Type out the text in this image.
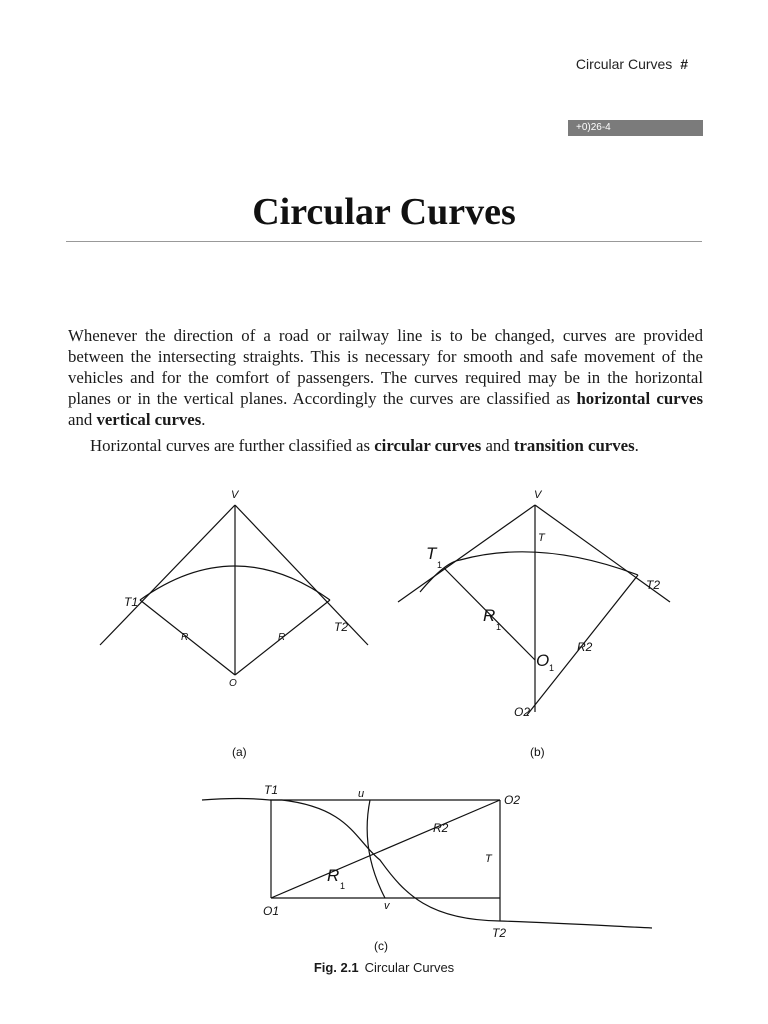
Circular Curves #
+0)26-4
Circular Curves

Whenever the direction of a road or railway line is to be changed, curves are provided between the intersecting straights. This is necessary for smooth and safe movement of the vehicles and for the comfort of passengers. The curves required may be in the horizontal planes or in the vertical planes. Accordingly the curves are classified as horizontal curves and vertical curves.

Horizontal curves are further classified as circular curves and transition curves.

V
T1
T2
R	R
O
(a)
V
T
T
1
T2
R
1
O 1
R2
O2
(b)
T1	u	O2
R2
T
R
1
O1	v
T2
(c)
Fig. 2.1 Circular Curves
